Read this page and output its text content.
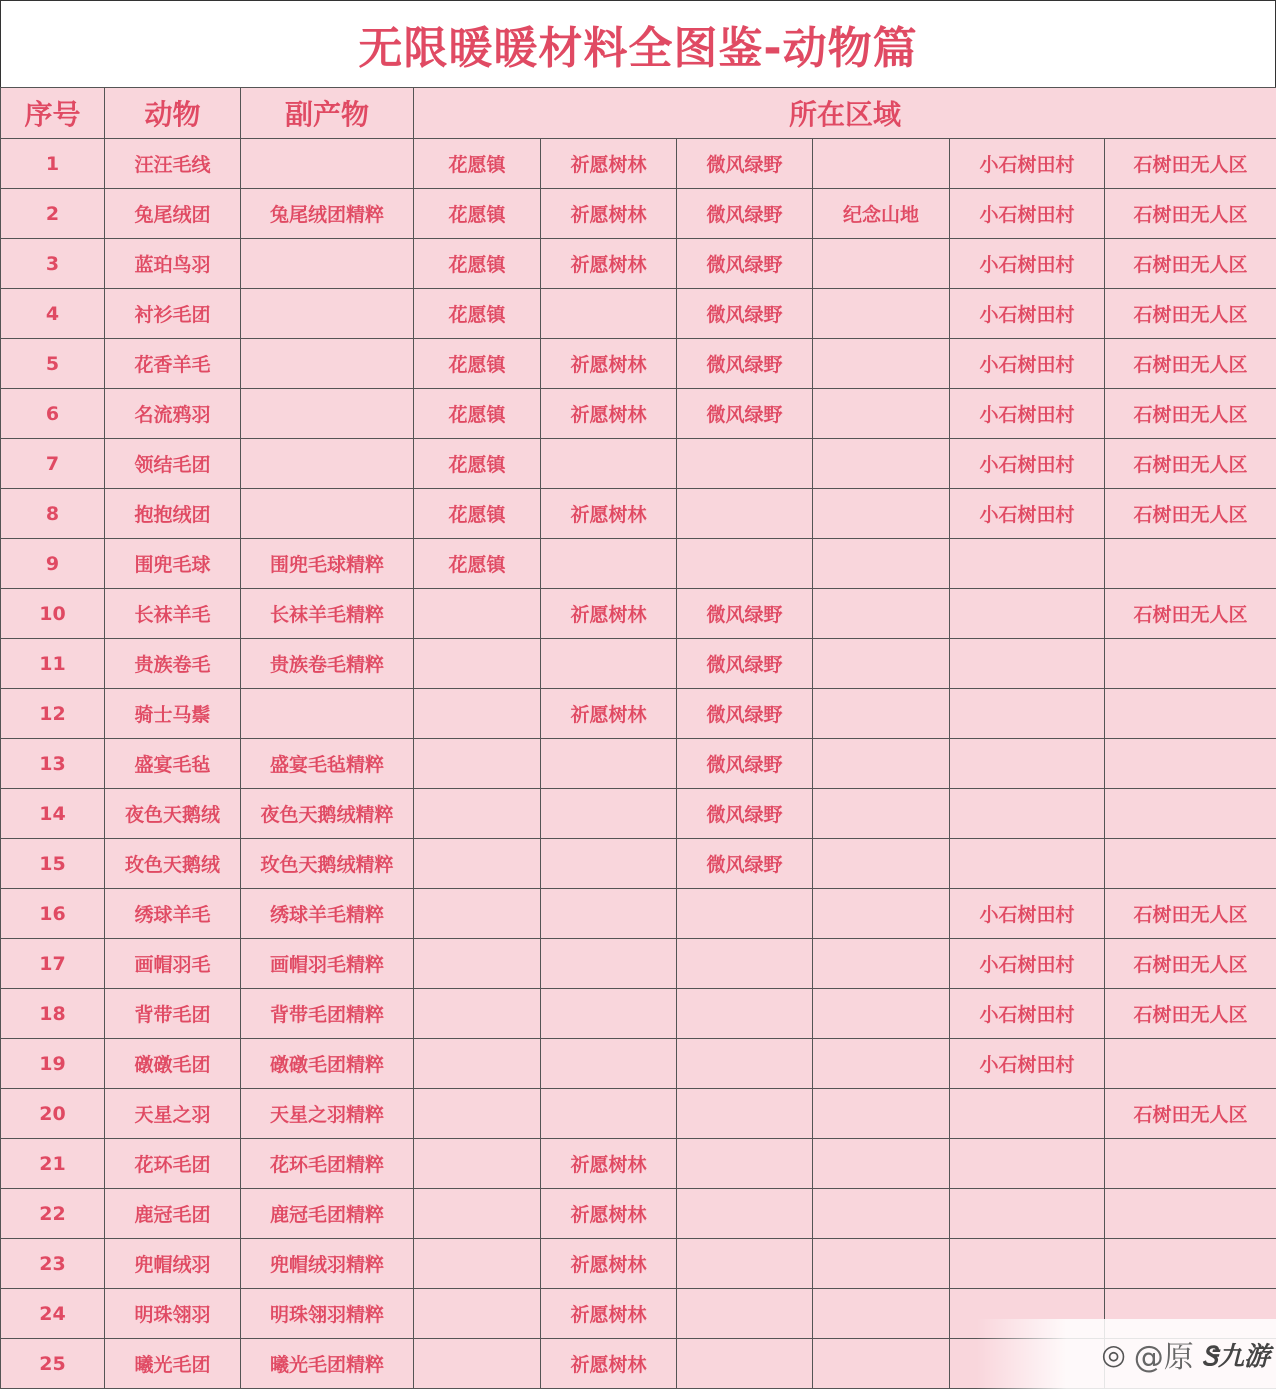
无限暖暖材料全图鉴-动物篇
序号	动物	副产物	所在区域					
1	汪汪毛线		花愿镇	祈愿树林	微风绿野		小石树田村	石树田无人区
2	兔尾绒团	兔尾绒团精粹	花愿镇	祈愿树林	微风绿野	纪念山地	小石树田村	石树田无人区
3	蓝珀鸟羽		花愿镇	祈愿树林	微风绿野		小石树田村	石树田无人区
4	衬衫毛团		花愿镇		微风绿野		小石树田村	石树田无人区
5	花香羊毛		花愿镇	祈愿树林	微风绿野		小石树田村	石树田无人区
6	名流鸦羽		花愿镇	祈愿树林	微风绿野		小石树田村	石树田无人区
7	领结毛团		花愿镇				小石树田村	石树田无人区
8	抱抱绒团		花愿镇	祈愿树林			小石树田村	石树田无人区
9	围兜毛球	围兜毛球精粹	花愿镇					
10	长袜羊毛	长袜羊毛精粹		祈愿树林	微风绿野			石树田无人区
11	贵族卷毛	贵族卷毛精粹			微风绿野			
12	骑士马鬃			祈愿树林	微风绿野			
13	盛宴毛毡	盛宴毛毡精粹			微风绿野			
14	夜色天鹅绒	夜色天鹅绒精粹			微风绿野			
15	玫色天鹅绒	玫色天鹅绒精粹			微风绿野			
16	绣球羊毛	绣球羊毛精粹					小石树田村	石树田无人区
17	画帽羽毛	画帽羽毛精粹					小石树田村	石树田无人区
18	背带毛团	背带毛团精粹					小石树田村	石树田无人区
19	礅礅毛团	礅礅毛团精粹					小石树田村	
20	天星之羽	天星之羽精粹						石树田无人区
21	花环毛团	花环毛团精粹		祈愿树林				
22	鹿冠毛团	鹿冠毛团精粹		祈愿树林				
23	兜帽绒羽	兜帽绒羽精粹		祈愿树林				
24	明珠翎羽	明珠翎羽精粹		祈愿树林				
25	曦光毛团	曦光毛团精粹		祈愿树林					◎ @原 Ꮥ九游
